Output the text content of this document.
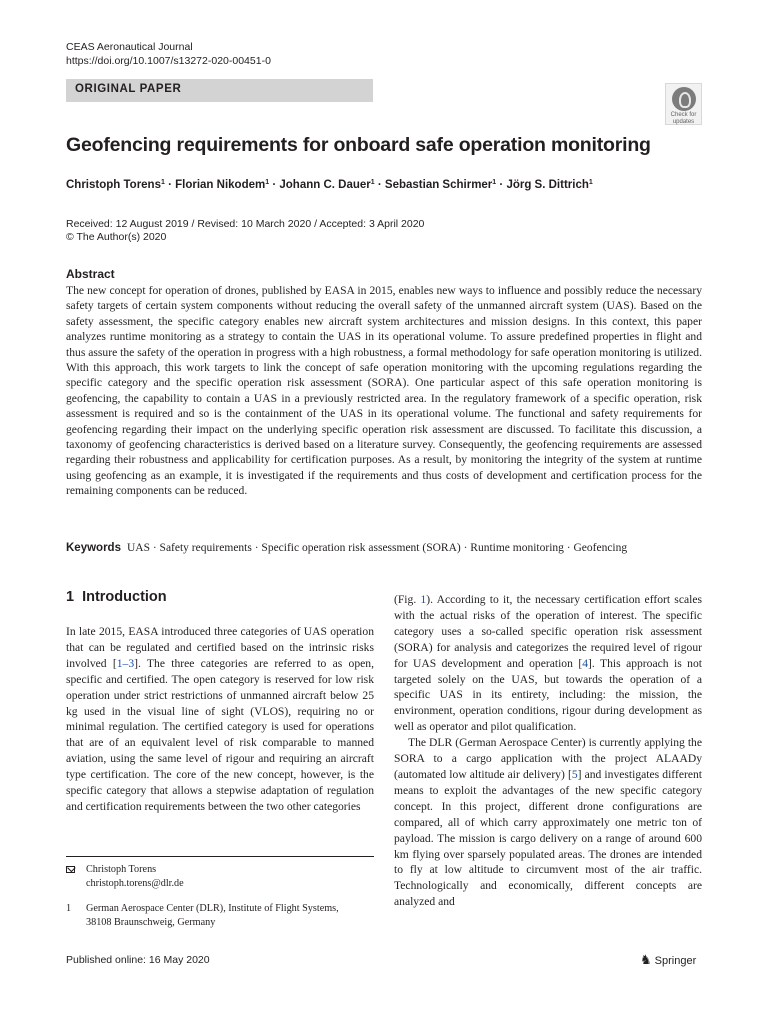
CEAS Aeronautical Journal
https://doi.org/10.1007/s13272-020-00451-0
ORIGINAL PAPER
Check for
updates
Geofencing requirements for onboard safe operation monitoring
Christoph Torens$^1$ · Florian Nikodem$^1$ · Johann C. Dauer$^1$ · Sebastian Schirmer$^1$ · Jörg S. Dittrich$^1$
Received: 12 August 2019 / Revised: 10 March 2020 / Accepted: 3 April 2020
© The Author(s) 2020
Abstract
The new concept for operation of drones, published by EASA in 2015, enables new ways to influence and possibly reduce the necessary safety targets of certain system components without reducing the overall safety of the unmanned aircraft system (UAS). Based on the safety assessment, the specific category enables new aircraft system architectures and mission designs. In this context, this paper analyzes runtime monitoring as a strategy to contain the UAS in its operational volume. To assure predefined properties in flight and thus assure the safety of the operation in progress with a high robustness, a formal methodology for safe operation monitoring is utilized. With this approach, this work targets to link the concept of safe operation monitoring with the upcoming regulations regarding the specific category and the specific operation risk assessment (SORA). One particular aspect of this safe operation monitoring is geofencing, the capability to contain a UAS in a previously restricted area. In the regulatory framework of a specific operation, risk assessment is required and so is the containment of the UAS in its operational volume. The functional and safety requirements for geofencing regarding their impact on the underlying specific operation risk assessment are discussed. To facilitate this discussion, a taxonomy of geofencing characteristics is derived based on a literature survey. Consequently, the geofencing requirements are assessed regarding their robustness and applicability for certification purposes. As a result, by monitoring the integrity of the system at runtime using geofencing as an example, it is investigated if the requirements and thus costs of development and certification process for the remaining components can be reduced.
Keywords UAS · Safety requirements · Specific operation risk assessment (SORA) · Runtime monitoring · Geofencing
1 Introduction

In late 2015, EASA introduced three categories of UAS operation that can be regulated and certified based on the intrinsic risks involved [1–3]. The three categories are referred to as open, specific and certified. The open category is reserved for low risk operation under strict restrictions of unmanned aircraft below 25 kg used in the visual line of sight (VLOS), requiring no or minimal regulation. The certified category is used for operations that are of an equivalent level of risk comparable to manned aviation, using the same level of rigour and requiring an aircraft type certification. The core of the new concept, however, is the specific category that allows a stepwise adaptation of regulation and certification requirements between the two other categories

(Fig. 1). According to it, the necessary certification effort scales with the actual risks of the operation of interest. The specific category uses a so-called specific operation risk assessment (SORA) for analysis and categorizes the required level of rigour for UAS development and operation [4]. This approach is not targeted solely on the UAS, but towards the operation of a specific UAS in its entirety, including: the mission, the environment, operation conditions, rigour during development as well as operator and pilot qualification.

The DLR (German Aerospace Center) is currently applying the SORA to a cargo application with the project ALAADy (automated low altitude air delivery) [5] and investigates different means to exploit the advantages of the new specific category concept. In this project, different drone configurations are compared, all of which carry approximately one metric ton of payload. The mission is cargo delivery on a range of around 600 km flying over sparsely populated areas. The drones are intended to fly at low altitude to circumvent most of the air traffic. Technologically and economically, different concepts are analyzed and

Christoph Torens
christoph.torens@dlr.de
1 German Aerospace Center (DLR), Institute of Flight Systems, 38108 Braunschweig, Germany
Published online: 16 May 2020	♞ Springer
